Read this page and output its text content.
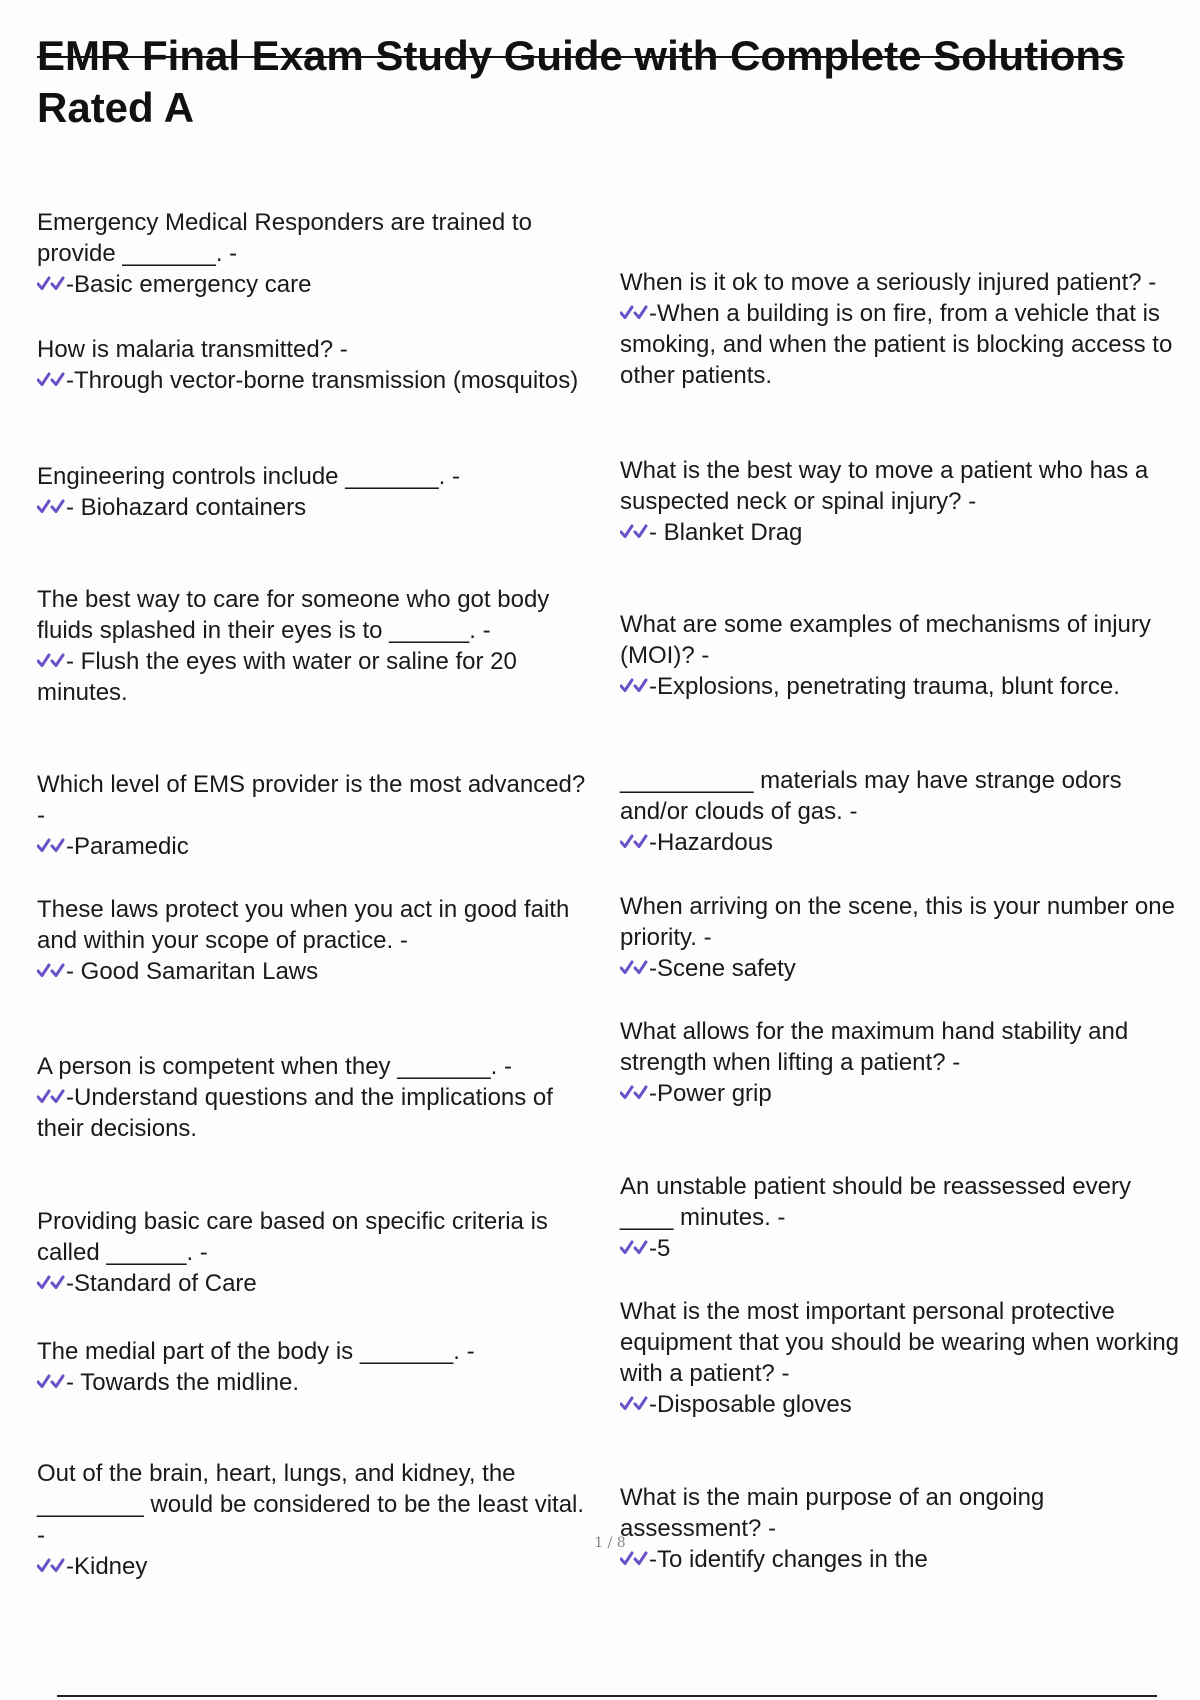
EMR Final Exam Study Guide with Complete Solutions
Rated A

Emergency Medical Responders are trained to provide _______. -

-Basic emergency care

How is malaria transmitted? -

-Through vector-borne transmission (mosquitos)

Engineering controls include _______. -

- Biohazard containers

The best way to care for someone who got body fluids splashed in their eyes is to ______. -

- Flush the eyes with water or saline for 20 minutes.

Which level of EMS provider is the most advanced? -

-Paramedic

These laws protect you when you act in good faith and within your scope of practice. -

- Good Samaritan Laws

A person is competent when they _______. -

-Understand questions and the implications of their decisions.

Providing basic care based on specific criteria is called ______. -

-Standard of Care

The medial part of the body is _______. -

- Towards the midline.

Out of the brain, heart, lungs, and kidney, the ________ would be considered to be the least vital. -

-Kidney

When is it ok to move a seriously injured patient? -

-When a building is on fire, from a vehicle that is smoking, and when the patient is blocking access to other patients.

What is the best way to move a patient who has a suspected neck or spinal injury? -

- Blanket Drag

What are some examples of mechanisms of injury (MOI)? -

-Explosions, penetrating trauma, blunt force.

__________ materials may have strange odors and/or clouds of gas. -

-Hazardous

When arriving on the scene, this is your number one priority. -

-Scene safety

What allows for the maximum hand stability and strength when lifting a patient? -

-Power grip

An unstable patient should be reassessed every ____ minutes. -

-5

What is the most important personal protective equipment that you should be wearing when working with a patient? -

-Disposable gloves

What is the main purpose of an ongoing assessment? -

-To identify changes in the

1 / 8
